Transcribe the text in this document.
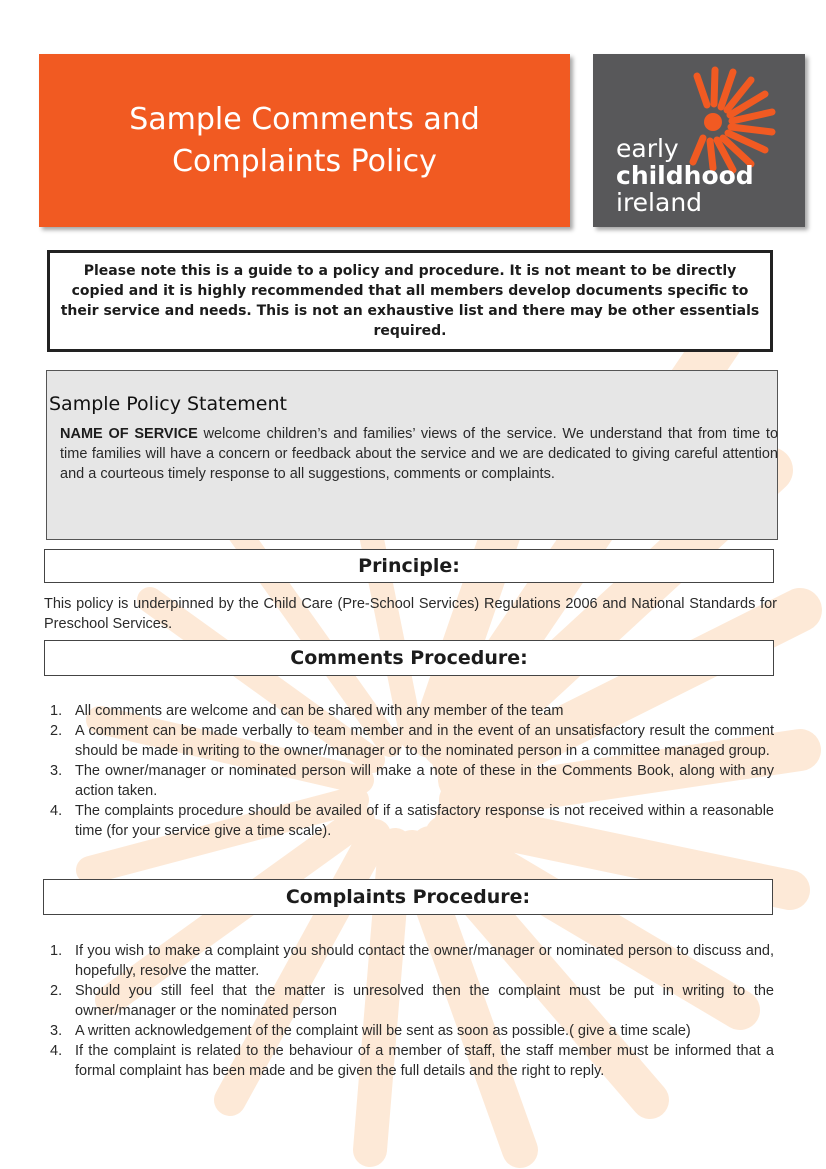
Sample Comments and Complaints Policy	early
childhood
ireland
Please note this is a guide to a policy and procedure. It is not meant to be directly copied and it is highly recommended that all members develop documents specific to their service and needs. This is not an exhaustive list and there may be other essentials required.
Sample Policy Statement
NAME OF SERVICE welcome children’s and families’ views of the service. We understand that from time to time families will have a concern or feedback about the service and we are dedicated to giving careful attention and a courteous timely response to all suggestions, comments or complaints.
Principle:
This policy is underpinned by the Child Care (Pre-School Services) Regulations 2006 and National Standards for Preschool Services.
Comments Procedure:
1. All comments are welcome and can be shared with any member of the team
2. A comment can be made verbally to team member and in the event of an unsatisfactory result the comment should be made in writing to the owner/manager or to the nominated person in a committee managed group.
3. The owner/manager or nominated person will make a note of these in the Comments Book, along with any action taken.
4. The complaints procedure should be availed of if a satisfactory response is not received within a reasonable time (for your service give a time scale).
Complaints Procedure:
1. If you wish to make a complaint you should contact the owner/manager or nominated person to discuss and, hopefully, resolve the matter.
2. Should you still feel that the matter is unresolved then the complaint must be put in writing to the owner/manager or the nominated person
3. A written acknowledgement of the complaint will be sent as soon as possible.( give a time scale)
4. If the complaint is related to the behaviour of a member of staff, the staff member must be informed that a formal complaint has been made and be given the full details and the right to reply.
